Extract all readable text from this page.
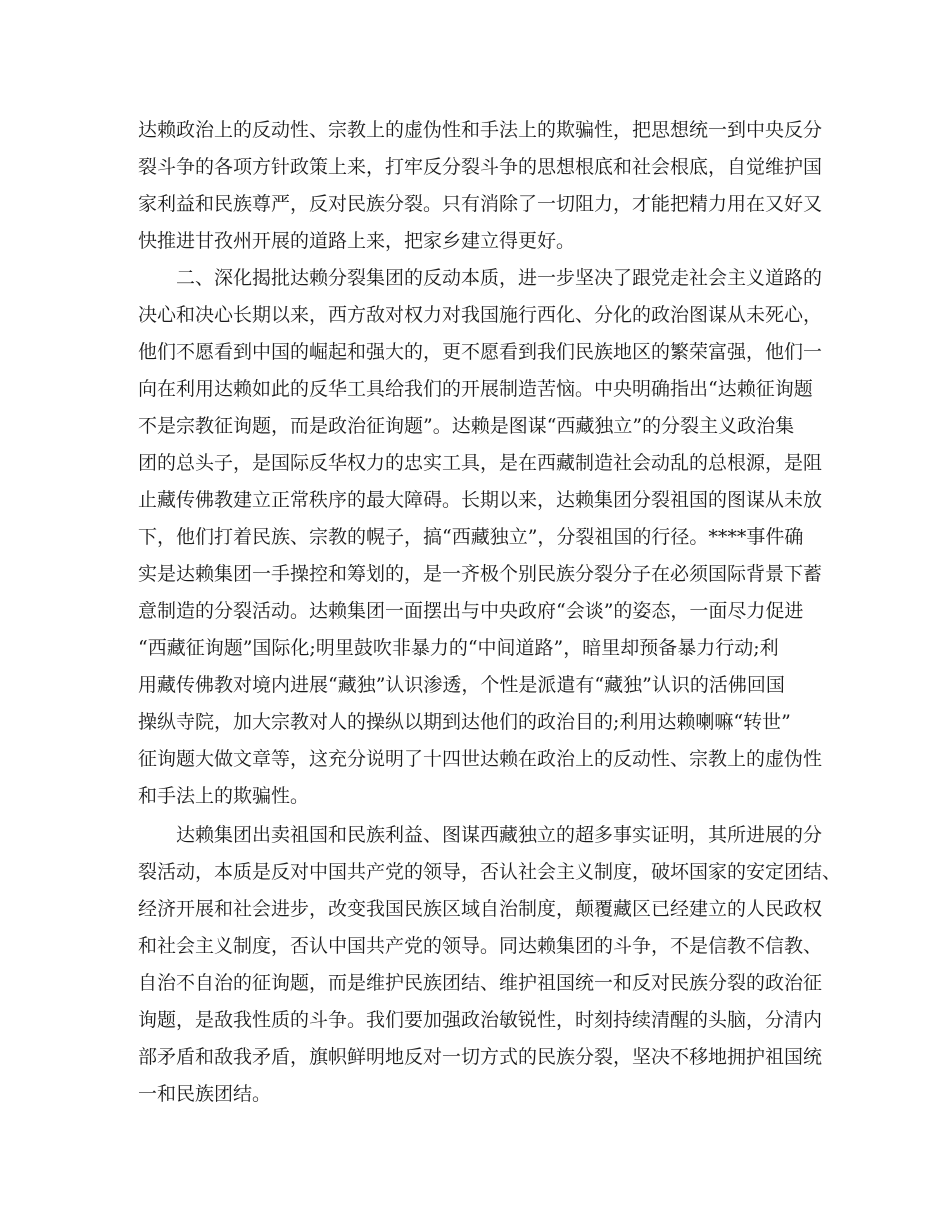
达赖政治上的反动性、宗教上的虚伪性和手法上的欺骗性，把思想统一到中央反分
裂斗争的各项方针政策上来，打牢反分裂斗争的思想根底和社会根底，自觉维护国
家利益和民族尊严，反对民族分裂。只有消除了一切阻力，才能把精力用在又好又
快推进甘孜州开展的道路上来，把家乡建立得更好。
二、深化揭批达赖分裂集团的反动本质，进一步坚决了跟党走社会主义道路的
决心和决心长期以来，西方敌对权力对我国施行西化、分化的政治图谋从未死心，
他们不愿看到中国的崛起和强大的，更不愿看到我们民族地区的繁荣富强，他们一
向在利用达赖如此的反华工具给我们的开展制造苦恼。中央明确指出“达赖征询题
不是宗教征询题，而是政治征询题”。达赖是图谋“西藏独立”的分裂主义政治集
团的总头子，是国际反华权力的忠实工具，是在西藏制造社会动乱的总根源，是阻
止藏传佛教建立正常秩序的最大障碍。长期以来，达赖集团分裂祖国的图谋从未放
下，他们打着民族、宗教的幌子，搞“西藏独立”，分裂祖国的行径。****事件确
实是达赖集团一手操控和筹划的，是一齐极个别民族分裂分子在必须国际背景下蓄
意制造的分裂活动。达赖集团一面摆出与中央政府“会谈”的姿态，一面尽力促进
“西藏征询题”国际化;明里鼓吹非暴力的“中间道路”，暗里却预备暴力行动;利
用藏传佛教对境内进展“藏独”认识渗透，个性是派遣有“藏独”认识的活佛回国
操纵寺院，加大宗教对人的操纵以期到达他们的政治目的;利用达赖喇嘛“转世”
征询题大做文章等，这充分说明了十四世达赖在政治上的反动性、宗教上的虚伪性
和手法上的欺骗性。
达赖集团出卖祖国和民族利益、图谋西藏独立的超多事实证明，其所进展的分
裂活动，本质是反对中国共产党的领导，否认社会主义制度，破坏国家的安定团结、
经济开展和社会进步，改变我国民族区域自治制度，颠覆藏区已经建立的人民政权
和社会主义制度，否认中国共产党的领导。同达赖集团的斗争，不是信教不信教、
自治不自治的征询题，而是维护民族团结、维护祖国统一和反对民族分裂的政治征
询题，是敌我性质的斗争。我们要加强政治敏锐性，时刻持续清醒的头脑，分清内
部矛盾和敌我矛盾，旗帜鲜明地反对一切方式的民族分裂，坚决不移地拥护祖国统
一和民族团结。
